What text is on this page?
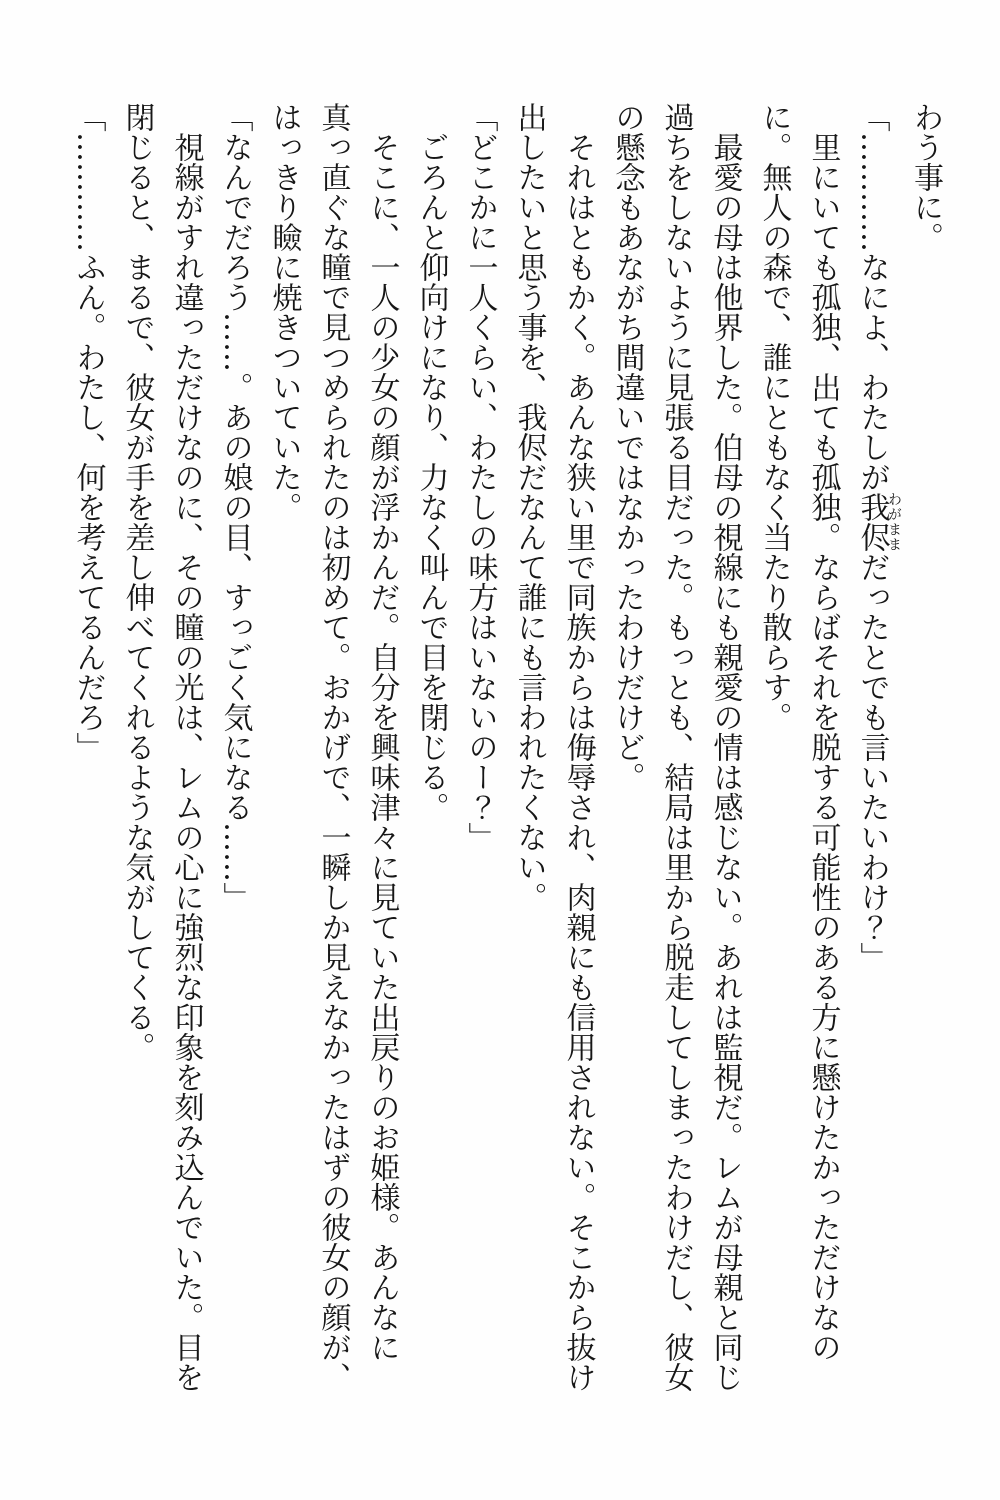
わう事に。

「…………なによ、わたしが我侭わがままだったとでも言いたいわけ？」

里にいても孤独、出ても孤独。ならばそれを脱する可能性のある方に懸けたかっただけなのに。無人の森で、誰にともなく当たり散らす。

最愛の母は他界した。伯母の視線にも親愛の情は感じない。あれは監視だ。レムが母親と同じ過ちをしないように見張る目だった。もっとも、結局は里から脱走してしまったわけだし、彼女の懸念もあながち間違いではなかったわけだけど。

それはともかく。あんな狭い里で同族からは侮辱され、肉親にも信用されない。そこから抜け出したいと思う事を、我侭だなんて誰にも言われたくない。

「どこかに一人くらい、わたしの味方はいないのー？」

ごろんと仰向けになり、力なく叫んで目を閉じる。

そこに、一人の少女の顔が浮かんだ。自分を興味津々に見ていた出戻りのお姫様。あんなに真っ直ぐな瞳で見つめられたのは初めて。おかげで、一瞬しか見えなかったはずの彼女の顔が、はっきり瞼に焼きついていた。

「なんでだろう……。あの娘の目、すっごく気になる……」

視線がすれ違っただけなのに、その瞳の光は、レムの心に強烈な印象を刻み込んでいた。目を閉じると、まるで、彼女が手を差し伸べてくれるような気がしてくる。

「…………ふん。わたし、何を考えてるんだろ」
